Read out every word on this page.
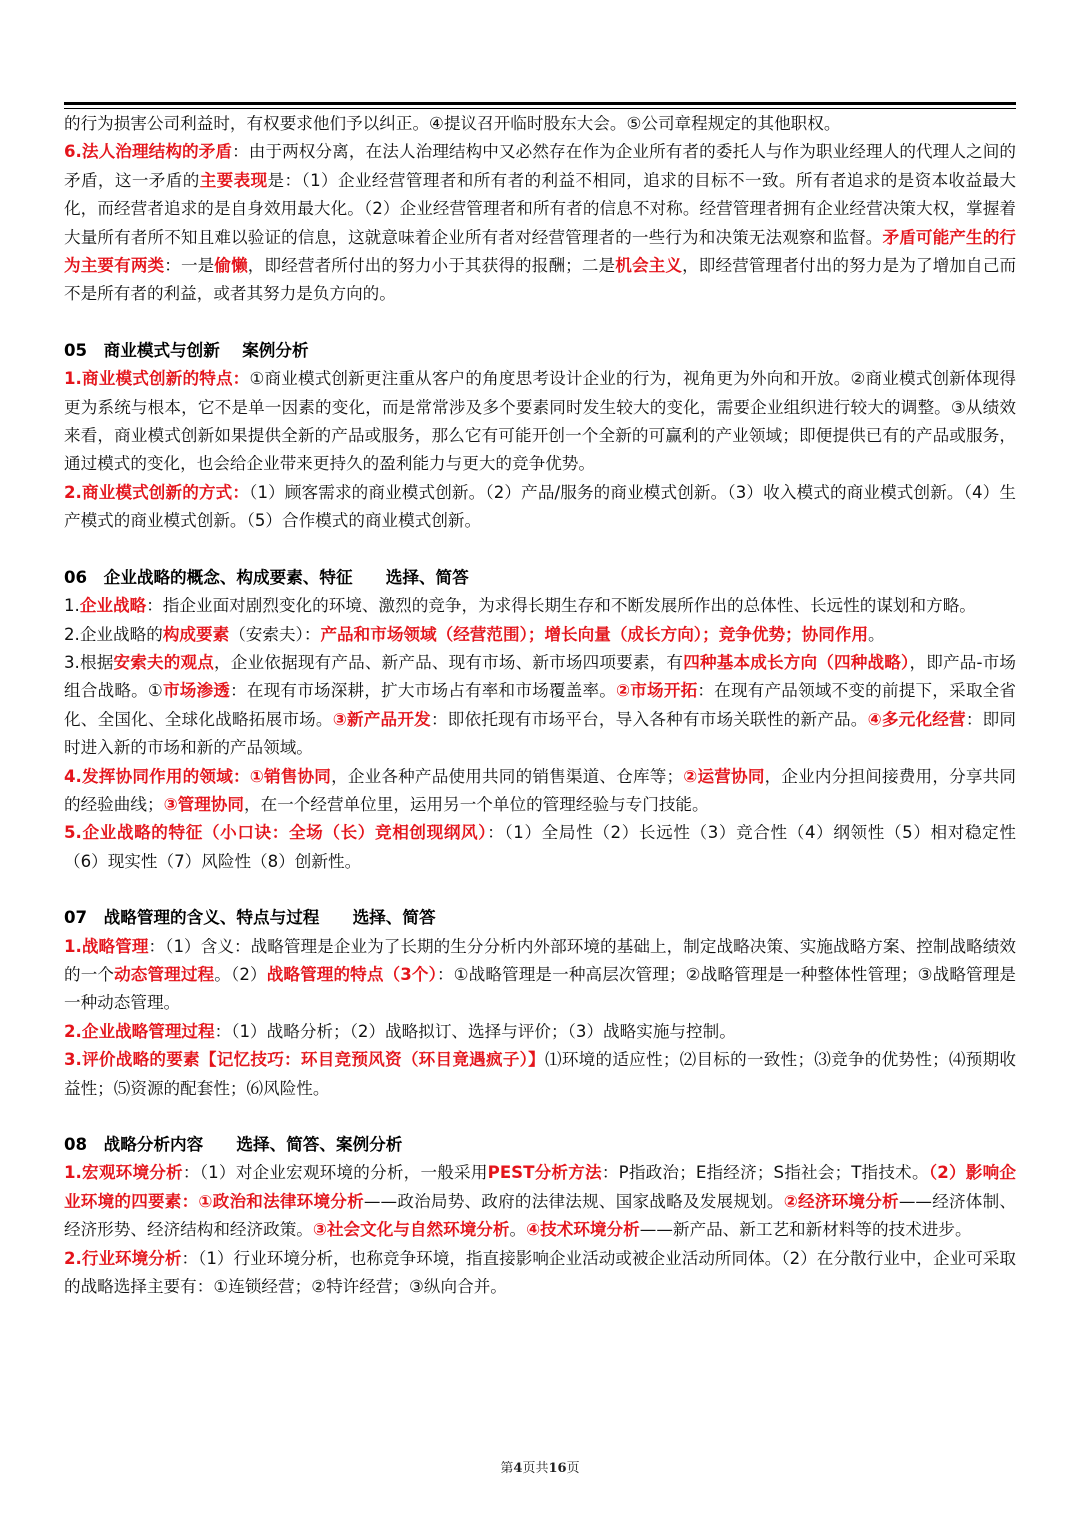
的行为损害公司利益时，有权要求他们予以纠正。④提议召开临时股东大会。⑤公司章程规定的其他职权。

6.法人治理结构的矛盾：由于两权分离，在法人治理结构中又必然存在作为企业所有者的委托人与作为职业经理人的代理人之间的矛盾，这一矛盾的主要表现是：（1）企业经营管理者和所有者的利益不相同，追求的目标不一致。所有者追求的是资本收益最大化，而经营者追求的是自身效用最大化。（2）企业经营管理者和所有者的信息不对称。经营管理者拥有企业经营决策大权，掌握着大量所有者所不知且难以验证的信息，这就意味着企业所有者对经营管理者的一些行为和决策无法观察和监督。矛盾可能产生的行为主要有两类：一是偷懒，即经营者所付出的努力小于其获得的报酬；二是机会主义，即经营管理者付出的努力是为了增加自己而不是所有者的利益，或者其努力是负方向的。

05　商业模式与创新　 案例分析

1.商业模式创新的特点：①商业模式创新更注重从客户的角度思考设计企业的行为，视角更为外向和开放。②商业模式创新体现得更为系统与根本，它不是单一因素的变化，而是常常涉及多个要素同时发生较大的变化，需要企业组织进行较大的调整。③从绩效来看，商业模式创新如果提供全新的产品或服务，那么它有可能开创一个全新的可赢利的产业领域；即便提供已有的产品或服务，通过模式的变化，也会给企业带来更持久的盈利能力与更大的竞争优势。

2.商业模式创新的方式：（1）顾客需求的商业模式创新。（2）产品/服务的商业模式创新。（3）收入模式的商业模式创新。（4）生产模式的商业模式创新。（5）合作模式的商业模式创新。

06　企业战略的概念、构成要素、特征　　选择、简答

1.企业战略：指企业面对剧烈变化的环境、激烈的竞争，为求得长期生存和不断发展所作出的总体性、长远性的谋划和方略。

2.企业战略的构成要素（安索夫）：产品和市场领域（经营范围）；增长向量（成长方向）；竞争优势；协同作用。

3.根据安索夫的观点，企业依据现有产品、新产品、现有市场、新市场四项要素，有四种基本成长方向（四种战略），即产品-市场组合战略。①市场渗透：在现有市场深耕，扩大市场占有率和市场覆盖率。②市场开拓：在现有产品领域不变的前提下，采取全省化、全国化、全球化战略拓展市场。③新产品开发：即依托现有市场平台，导入各种有市场关联性的新产品。④多元化经营：即同时进入新的市场和新的产品领域。

4.发挥协同作用的领域：①销售协同，企业各种产品使用共同的销售渠道、仓库等；②运营协同，企业内分担间接费用，分享共同的经验曲线；③管理协同，在一个经营单位里，运用另一个单位的管理经验与专门技能。

5.企业战略的特征（小口诀：全场（长）竞相创现纲风）：（1）全局性（2）长远性（3）竞合性（4）纲领性（5）相对稳定性（6）现实性（7）风险性（8）创新性。

07　战略管理的含义、特点与过程　　选择、简答

1.战略管理：（1）含义：战略管理是企业为了长期的生分分析内外部环境的基础上，制定战略决策、实施战略方案、控制战略绩效的一个动态管理过程。（2）战略管理的特点（3个）：①战略管理是一种高层次管理；②战略管理是一种整体性管理；③战略管理是一种动态管理。

2.企业战略管理过程：（1）战略分析；（2）战略拟订、选择与评价；（3）战略实施与控制。

3.评价战略的要素【记忆技巧：环目竞预风资（环目竟遇疯子）】⑴环境的适应性；⑵目标的一致性；⑶竞争的优势性；⑷预期收益性；⑸资源的配套性；⑹风险性。

08　战略分析内容　　选择、简答、案例分析

1.宏观环境分析：（1）对企业宏观环境的分析，一般采用PEST分析方法：P指政治；E指经济；S指社会；T指技术。（2）影响企业环境的四要素：①政治和法律环境分析——政治局势、政府的法律法规、国家战略及发展规划。②经济环境分析——经济体制、经济形势、经济结构和经济政策。③社会文化与自然环境分析。④技术环境分析——新产品、新工艺和新材料等的技术进步。

2.行业环境分析：（1）行业环境分析，也称竞争环境，指直接影响企业活动或被企业活动所同体。（2）在分散行业中，企业可采取的战略选择主要有：①连锁经营；②特许经营；③纵向合并。

第4页共16页
